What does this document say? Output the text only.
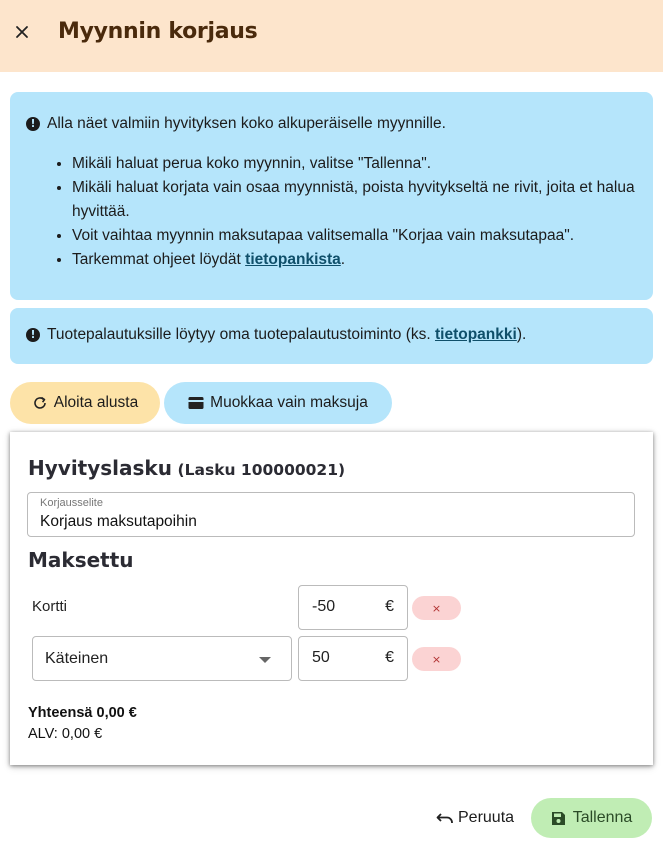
Myynnin korjaus
! Alla näet valmiin hyvityksen koko alkuperäiselle myynnille.
• Mikäli haluat perua koko myynnin, valitse "Tallenna".
• Mikäli haluat korjata vain osaa myynnistä, poista hyvitykseltä ne rivit, joita et halua hyvittää.
• Voit vaihtaa myynnin maksutapaa valitsemalla "Korjaa vain maksutapaa".
• Tarkemmat ohjeet löydät tietopankista.
! Tuotepalautuksille löytyy oma tuotepalautustoiminto (ks. tietopankki).
Aloita alusta	Muokkaa vain maksuja
Hyvityslasku (Lasku 100000021)
Korjausselite
Korjaus maksutapoihin
Maksettu
Kortti	-50	€	×
Käteinen	50	€	×
Yhteensä 0,00 €
ALV: 0,00 €
Peruuta	Tallenna
